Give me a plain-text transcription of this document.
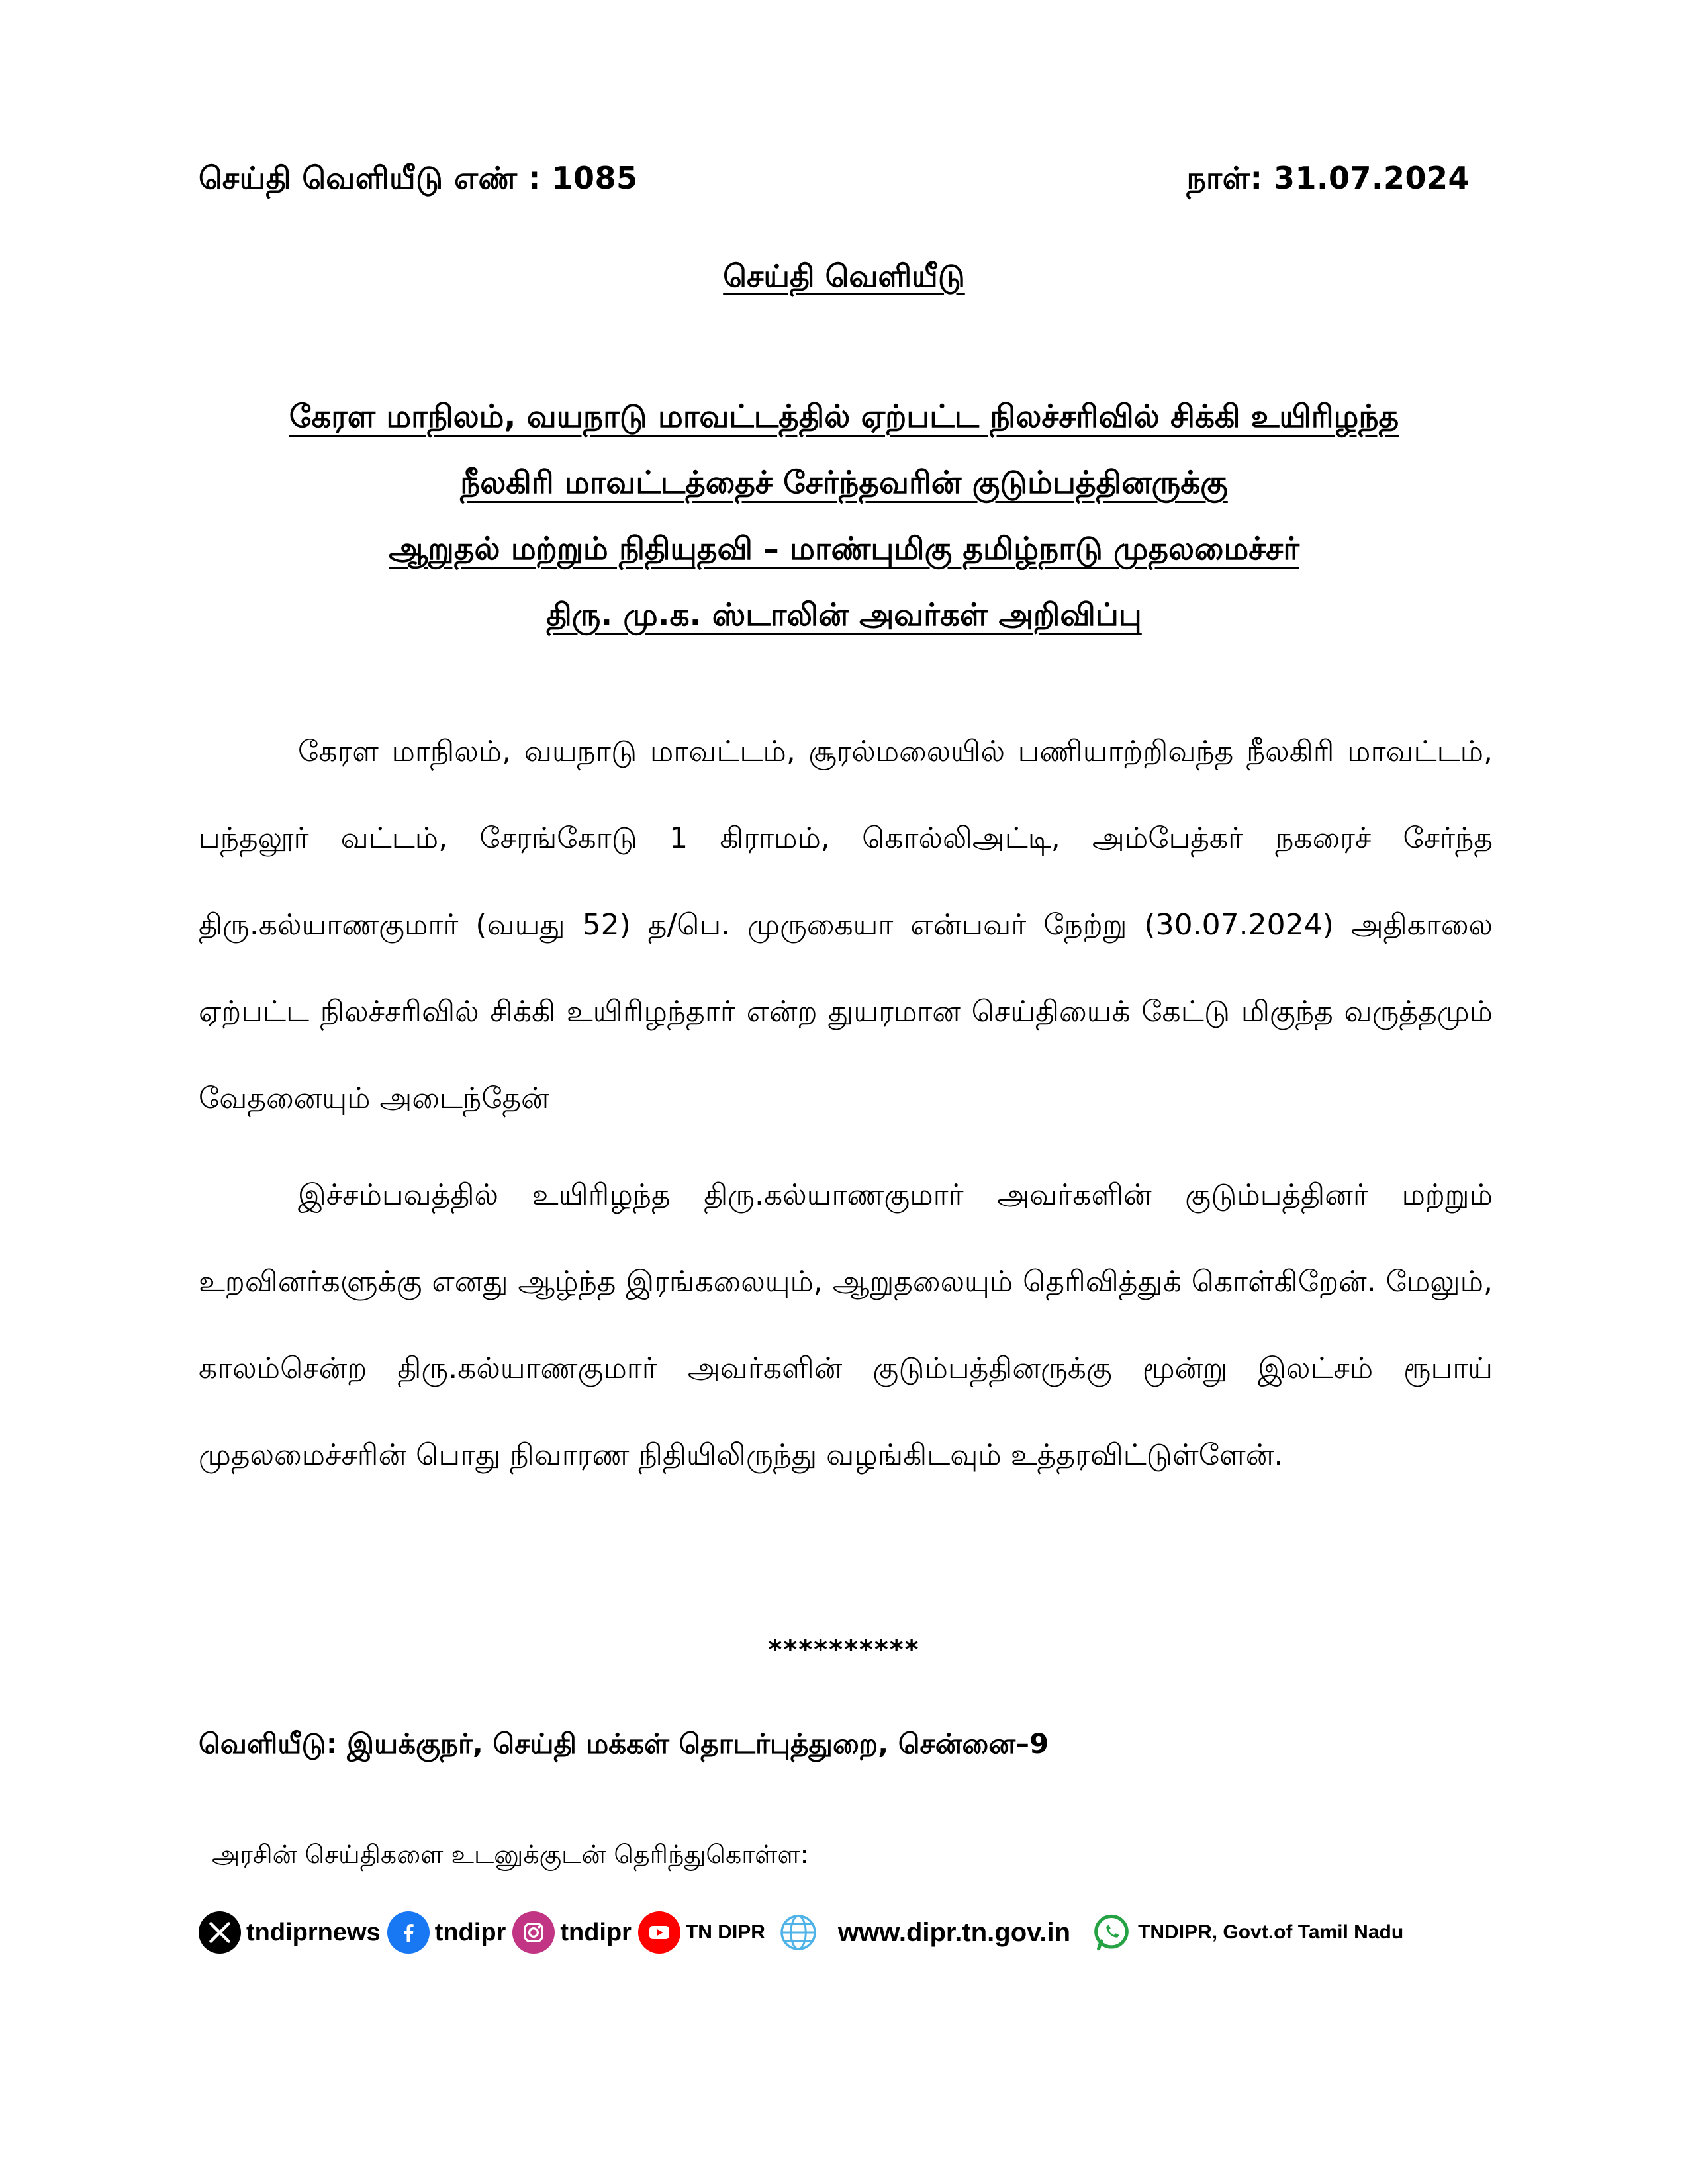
செய்தி வெளியீடு எண் : 1085	நாள்: 31.07.2024
செய்தி வெளியீடு
கேரள மாநிலம், வயநாடு மாவட்டத்தில் ஏற்பட்ட நிலச்சரிவில் சிக்கி உயிரிழந்த
நீலகிரி மாவட்டத்தைச் சேர்ந்தவரின் குடும்பத்தினருக்கு
ஆறுதல் மற்றும் நிதியுதவி – மாண்புமிகு தமிழ்நாடு முதலமைச்சர்
திரு. மு.க. ஸ்டாலின் அவர்கள் அறிவிப்பு

கேரள மாநிலம், வயநாடு மாவட்டம், சூரல்மலையில் பணியாற்றிவந்த நீலகிரி மாவட்டம், பந்தலூர் வட்டம், சேரங்கோடு 1 கிராமம், கொல்லிஅட்டி, அம்பேத்கர் நகரைச் சேர்ந்த திரு.கல்யாணகுமார் (வயது 52) த/பெ. முருகையா என்பவர் நேற்று (30.07.2024) அதிகாலை ஏற்பட்ட நிலச்சரிவில் சிக்கி உயிரிழந்தார் என்ற துயரமான செய்தியைக் கேட்டு மிகுந்த வருத்தமும் வேதனையும் அடைந்தேன்

இச்சம்பவத்தில் உயிரிழந்த திரு.கல்யாணகுமார் அவர்களின் குடும்பத்தினர் மற்றும் உறவினர்களுக்கு எனது ஆழ்ந்த இரங்கலையும், ஆறுதலையும் தெரிவித்துக் கொள்கிறேன். மேலும், காலம்சென்ற திரு.கல்யாணகுமார் அவர்களின் குடும்பத்தினருக்கு மூன்று இலட்சம் ரூபாய் முதலமைச்சரின் பொது நிவாரண நிதியிலிருந்து வழங்கிடவும் உத்தரவிட்டுள்ளேன்.

**********
வெளியீடு: இயக்குநர், செய்தி மக்கள் தொடர்புத்துறை, சென்னை–9
அரசின் செய்திகளை உடனுக்குடன் தெரிந்துகொள்ள:
tndiprnews tndipr tndipr	TN DIPR	www.dipr.tn.gov.in	TNDIPR, Govt.of Tamil Nadu
